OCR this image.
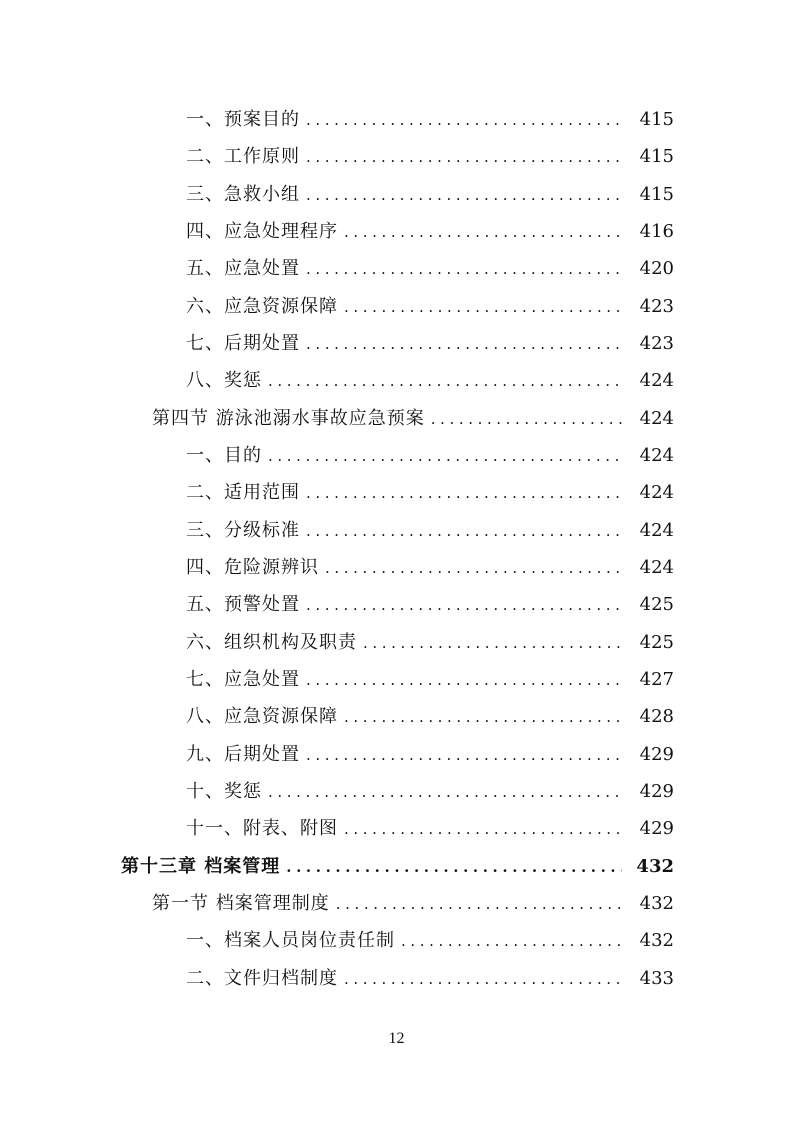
一、预案目的 .....	415
二、工作原则 .....	415
三、急救小组 .....	415
四、应急处理程序 .....	416
五、应急处置 .....	420
六、应急资源保障 .....	423
七、后期处置 .....	423
八、奖惩 .....	424
第四节 游泳池溺水事故应急预案 .....	424
一、目的 .....	424
二、适用范围 .....	424
三、分级标准 .....	424
四、危险源辨识 .....	424
五、预警处置 .....	425
六、组织机构及职责 .....	425
七、应急处置 .....	427
八、应急资源保障 .....	428
九、后期处置 .....	429
十、奖惩 .....	429
十一、附表、附图 .....	429
第十三章 档案管理 .....	432
第一节 档案管理制度 .....	432
一、档案人员岗位责任制 .....	432
二、文件归档制度 .....	433
12
